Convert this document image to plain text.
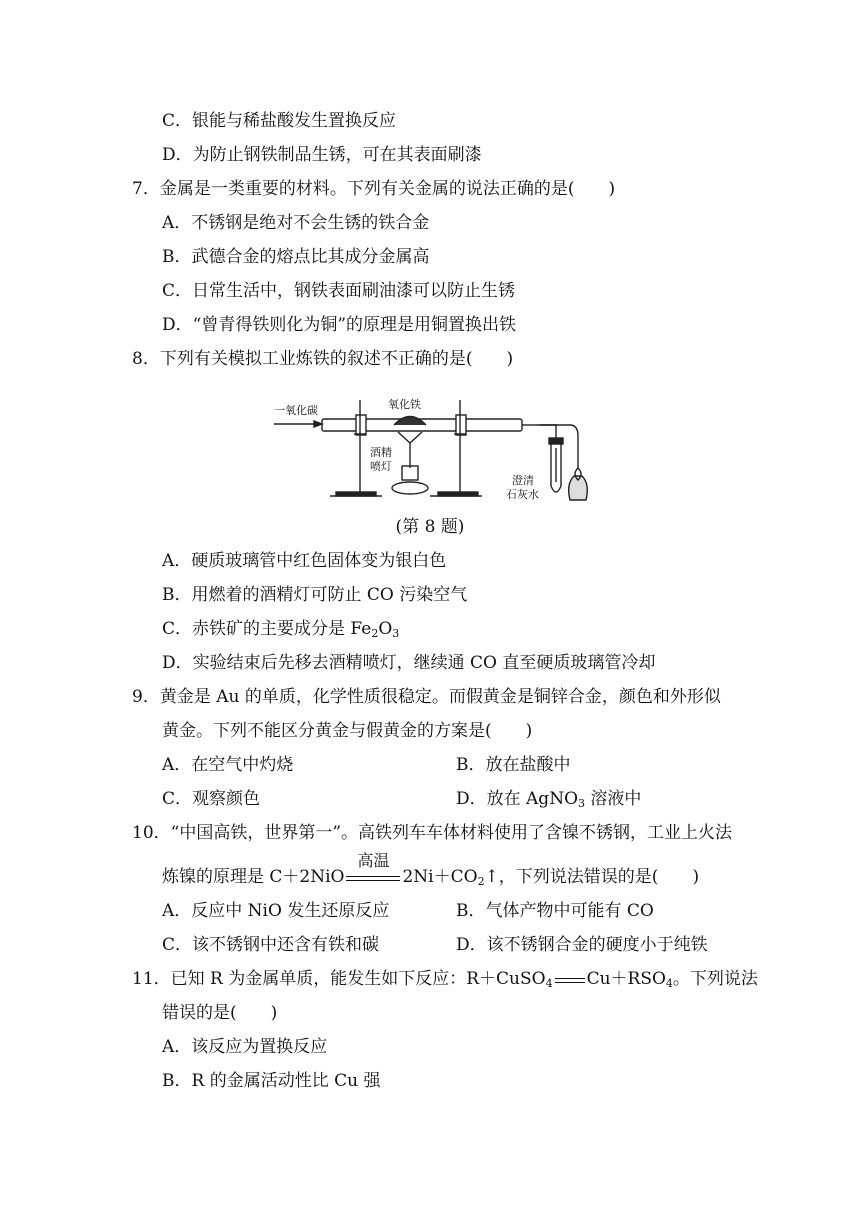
C．银能与稀盐酸发生置换反应
D．为防止钢铁制品生锈，可在其表面刷漆
7．金属是一类重要的材料。下列有关金属的说法正确的是(　　)
A．不锈钢是绝对不会生锈的铁合金
B．武德合金的熔点比其成分金属高
C．日常生活中，钢铁表面刷油漆可以防止生锈
D．“曾青得铁则化为铜”的原理是用铜置换出铁
8．下列有关模拟工业炼铁的叙述不正确的是(　　)
一氧化碳	氧化铁
酒精
喷灯
澄清
石灰水
(第 8 题)
A．硬质玻璃管中红色固体变为银白色
B．用燃着的酒精灯可防止 CO 污染空气
C．赤铁矿的主要成分是 $Fe_2O_3$
D．实验结束后先移去酒精喷灯，继续通 CO 直至硬质玻璃管冷却
9．黄金是 Au 的单质，化学性质很稳定。而假黄金是铜锌合金，颜色和外形似
黄金。下列不能区分黄金与假黄金的方案是(　　)
A．在空气中灼烧	B．放在盐酸中
C．观察颜色	D．放在 AgNO$_3$ 溶液中
10．“中国高铁，世界第一”。高铁列车车体材料使用了含镍不锈钢，工业上火法
炼镍的原理是 C＋2NiO
高温
$2Ni+CO_2↑$，下列说法错误的是(　　)
A．反应中 NiO 发生还原反应	B．气体产物中可能有 CO
C．该不锈钢中还含有铁和碳	D．该不锈钢合金的硬度小于纯铁
11．已知 R 为金属单质，能发生如下反应：R＋CuSO$_4$ $Cu+RSO_4$。下列说法
错误的是(　　)
A．该反应为置换反应
B．R 的金属活动性比 Cu 强
